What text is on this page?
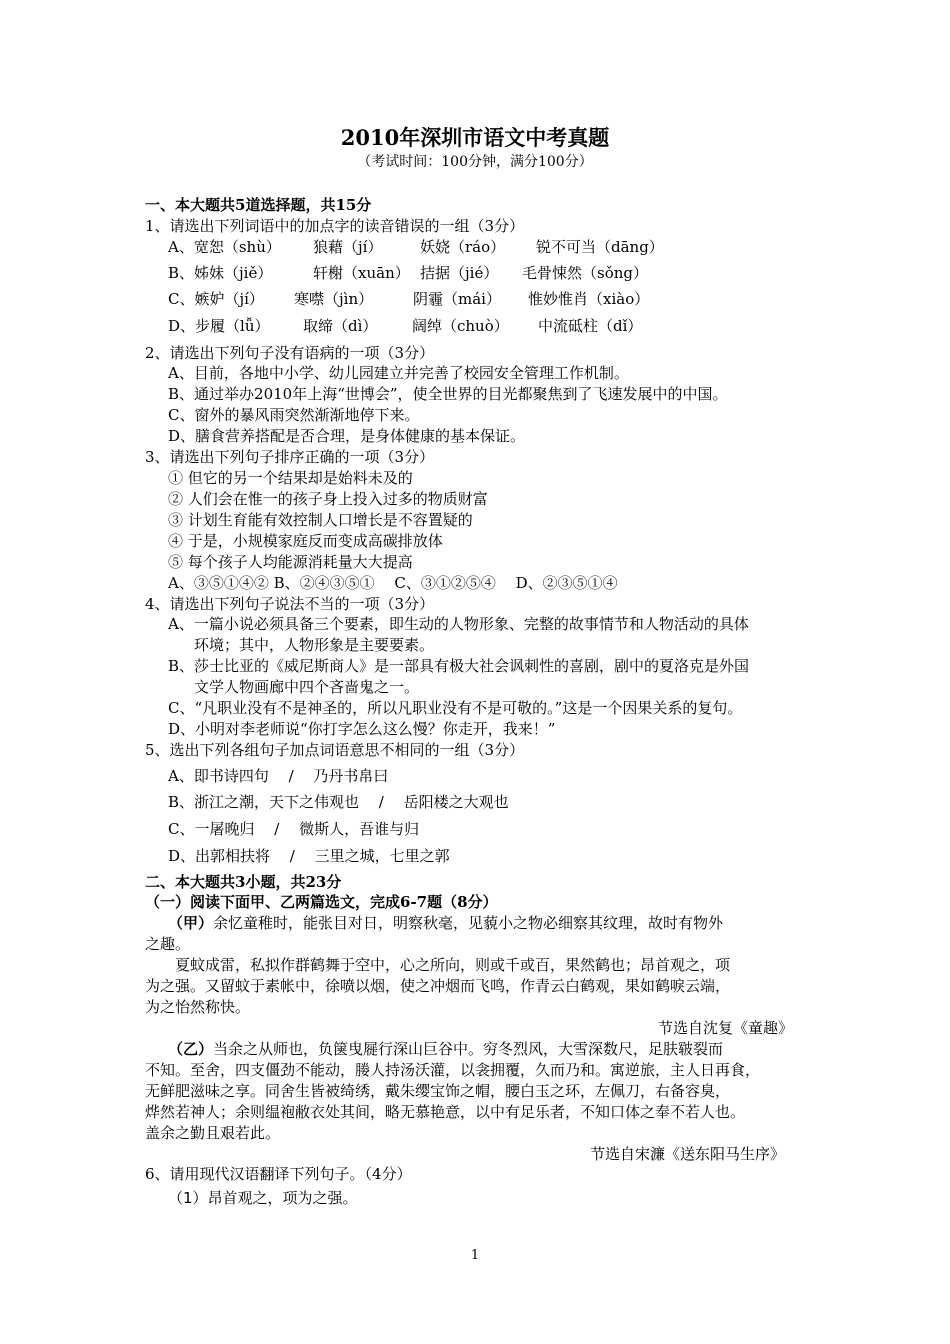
2010年深圳市语文中考真题
（考试时间：100分钟，满分100分）
一、本大题共5道选择题，共15分
1、请选出下列词语中的加点字的读音错误的一组（3分）
A、宽恕（shù） 狼藉（jí）	妖娆（ráo） 锐不可当（dāng）
B、姊妹（jiě）	轩榭（xuān） 拮据（jié） 毛骨悚然（sǒng）
C、嫉妒（jí） 寒噤（jìn）	阴霾（mái） 惟妙惟肖（xiào）
D、步履（lǚ） 取缔（dì） 阔绰（chuò） 中流砥柱（dǐ）
2、请选出下列句子没有语病的一项（3分）
A、目前，各地中小学、幼儿园建立并完善了校园安全管理工作机制。
B、通过举办2010年上海“世博会”，使全世界的目光都聚焦到了飞速发展中的中国。
C、窗外的暴风雨突然渐渐地停下来。
D、膳食营养搭配是否合理，是身体健康的基本保证。
3、请选出下列句子排序正确的一项（3分）
① 但它的另一个结果却是始料未及的
② 人们会在惟一的孩子身上投入过多的物质财富
③ 计划生育能有效控制人口增长是不容置疑的
④ 于是，小规模家庭反而变成高碳排放体
⑤ 每个孩子人均能源消耗量大大提高
A、③⑤①④② B、②④③⑤①　 C、③①②⑤④　 D、②③⑤①④
4、请选出下列句子说法不当的一项（3分）
A、一篇小说必须具备三个要素，即生动的人物形象、完整的故事情节和人物活动的具体
环境；其中，人物形象是主要要素。
B、莎士比亚的《威尼斯商人》是一部具有极大社会讽刺性的喜剧，剧中的夏洛克是外国
文学人物画廊中四个吝啬鬼之一。
C、“凡职业没有不是神圣的，所以凡职业没有不是可敬的。”这是一个因果关系的复句。
D、小明对李老师说“你打字怎么这么慢？你走开，我来！”
5、选出下列各组句子加点词语意思不相同的一组（3分）
A、即书诗四句　 /　 乃丹书帛曰
B、浙江之潮，天下之伟观也　 /　 岳阳楼之大观也
C、一屠晚归　 /　 微斯人，吾谁与归
D、出郭相扶将　 /　 三里之城，七里之郭
二、本大题共3小题，共23分
（一）阅读下面甲、乙两篇选文，完成6-7题（8分）
（甲）余忆童稚时，能张目对日，明察秋毫，见藐小之物必细察其纹理，故时有物外
之趣。
夏蚊成雷，私拟作群鹤舞于空中，心之所向，则或千或百，果然鹤也；昂首观之，项
为之强。又留蚊于素帐中，徐喷以烟，使之冲烟而飞鸣，作青云白鹤观，果如鹤唳云端，
为之怡然称快。
节选自沈复《童趣》
（乙）当余之从师也，负箧曳屣行深山巨谷中。穷冬烈风，大雪深数尺，足肤皲裂而
不知。至舍，四支僵劲不能动，媵人持汤沃灌，以衾拥覆，久而乃和。寓逆旅，主人日再食，
无鲜肥滋味之享。同舍生皆被绮绣，戴朱缨宝饰之帽，腰白玉之环，左佩刀，右备容臭，
烨然若神人；余则缊袍敝衣处其间，略无慕艳意，以中有足乐者，不知口体之奉不若人也。
盖余之勤且艰若此。
节选自宋濂《送东阳马生序》
6、请用现代汉语翻译下列句子。（4分）
（1）昂首观之，项为之强。
1
